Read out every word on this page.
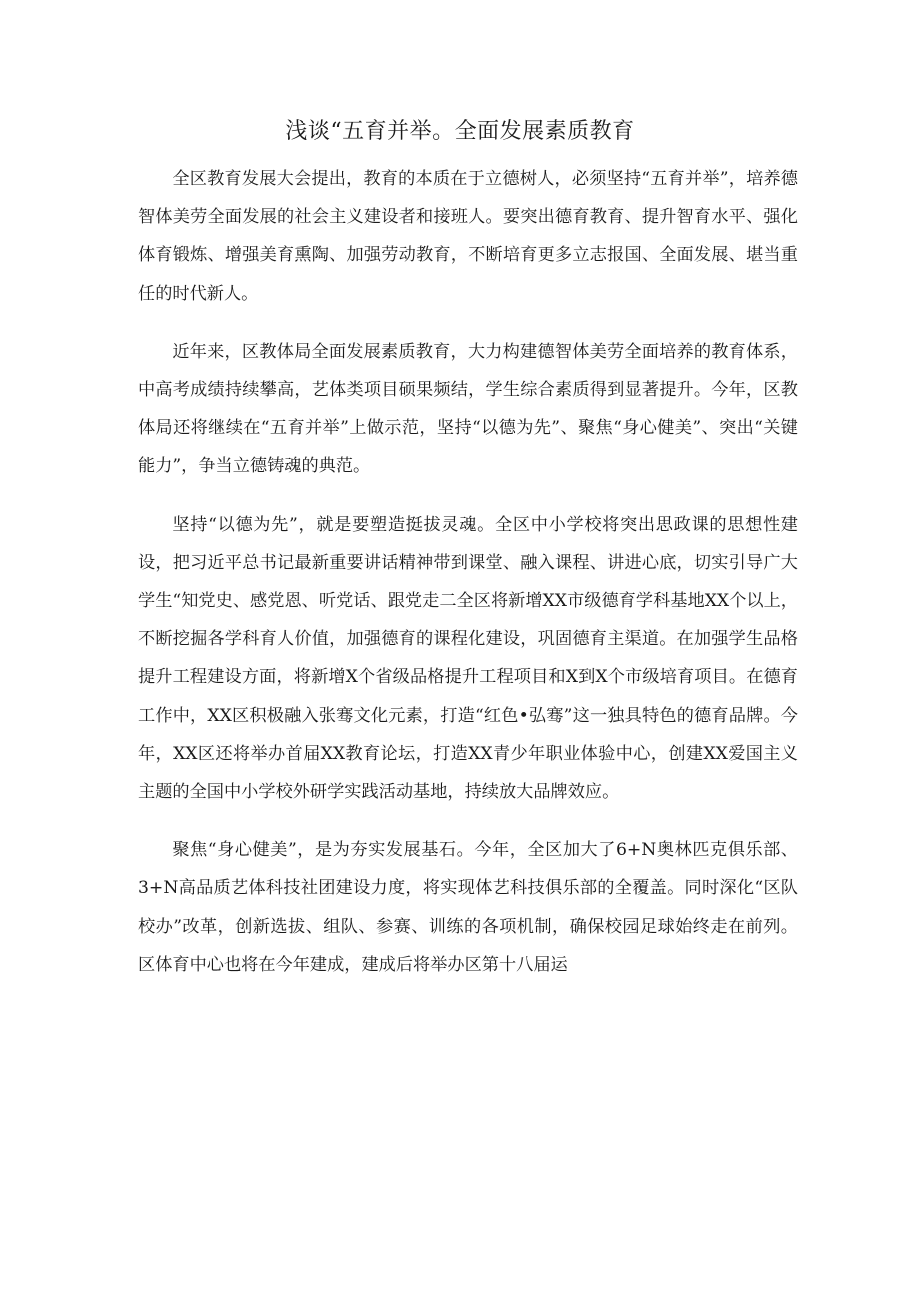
浅谈“五育并举。全面发展素质教育

全区教育发展大会提出，教育的本质在于立德树人，必须坚持“五育并举”，培养德智体美劳全面发展的社会主义建设者和接班人。要突出德育教育、提升智育水平、强化体育锻炼、增强美育熏陶、加强劳动教育，不断培育更多立志报国、全面发展、堪当重任的时代新人。

近年来，区教体局全面发展素质教育，大力构建德智体美劳全面培养的教育体系，中高考成绩持续攀高，艺体类项目硕果频结，学生综合素质得到显著提升。今年，区教体局还将继续在“五育并举”上做示范，坚持“以德为先”、聚焦“身心健美”、突出“关键能力”，争当立德铸魂的典范。

坚持“以德为先”，就是要塑造挺拔灵魂。全区中小学校将突出思政课的思想性建设，把习近平总书记最新重要讲话精神带到课堂、融入课程、讲进心底，切实引导广大学生“知党史、感党恩、听党话、跟党走二全区将新增XX市级德育学科基地XX个以上，不断挖掘各学科育人价值，加强德育的课程化建设，巩固德育主渠道。在加强学生品格提升工程建设方面，将新增X个省级品格提升工程项目和X到X个市级培育项目。在德育工作中，XX区积极融入张骞文化元素，打造“红色•弘骞”这一独具特色的德育品牌。今年，XX区还将举办首届XX教育论坛，打造XX青少年职业体验中心，创建XX爱国主义主题的全国中小学校外研学实践活动基地，持续放大品牌效应。

聚焦“身心健美”，是为夯实发展基石。今年，全区加大了6+N奥林匹克俱乐部、3+N高品质艺体科技社团建设力度，将实现体艺科技俱乐部的全覆盖。同时深化“区队校办”改革，创新选拔、组队、参赛、训练的各项机制，确保校园足球始终走在前列。区体育中心也将在今年建成，建成后将举办区第十八届运
